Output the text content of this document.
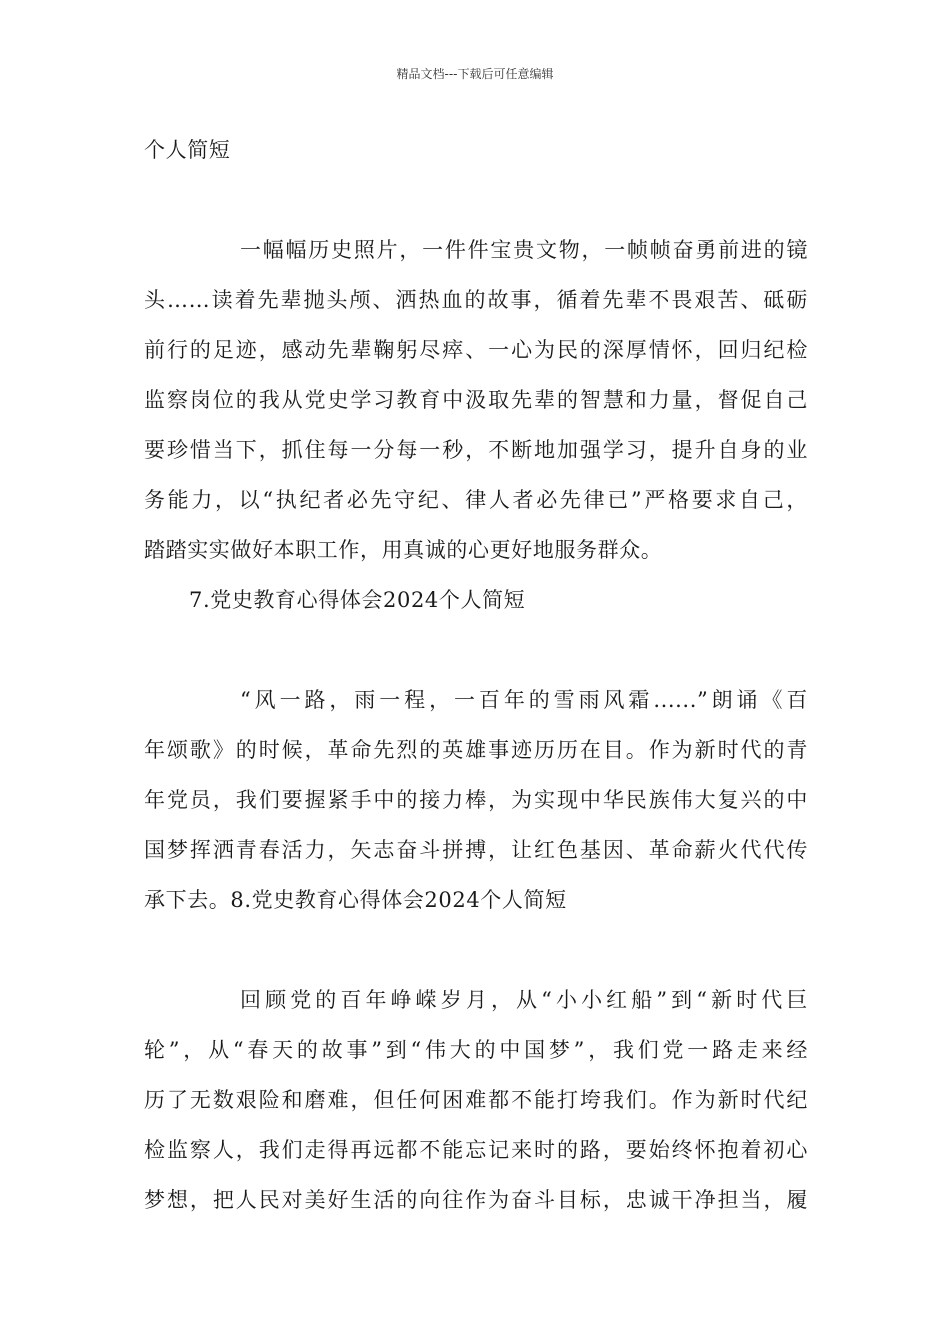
精品文档---下载后可任意编辑
个人简短
一幅幅历史照片，一件件宝贵文物，一帧帧奋勇前进的镜
头……读着先辈抛头颅、洒热血的故事，循着先辈不畏艰苦、砥砺
前行的足迹，感动先辈鞠躬尽瘁、一心为民的深厚情怀，回归纪检
监察岗位的我从党史学习教育中汲取先辈的智慧和力量，督促自己
要珍惜当下，抓住每一分每一秒，不断地加强学习，提升自身的业
务能力，以“执纪者必先守纪、律人者必先律已”严格要求自己，
踏踏实实做好本职工作，用真诚的心更好地服务群众。
7.党史教育心得体会2024个人简短
“风一路，雨一程，一百年的雪雨风霜......”朗诵《百
年颂歌》的时候，革命先烈的英雄事迹历历在目。作为新时代的青
年党员，我们要握紧手中的接力棒，为实现中华民族伟大复兴的中
国梦挥洒青春活力，矢志奋斗拼搏，让红色基因、革命薪火代代传
承下去。8.党史教育心得体会2024个人简短
回顾党的百年峥嵘岁月，从“小小红船”到“新时代巨
轮”，从“春天的故事”到“伟大的中国梦”，我们党一路走来经
历了无数艰险和磨难，但任何困难都不能打垮我们。作为新时代纪
检监察人，我们走得再远都不能忘记来时的路，要始终怀抱着初心
梦想，把人民对美好生活的向往作为奋斗目标，忠诚干净担当，履
